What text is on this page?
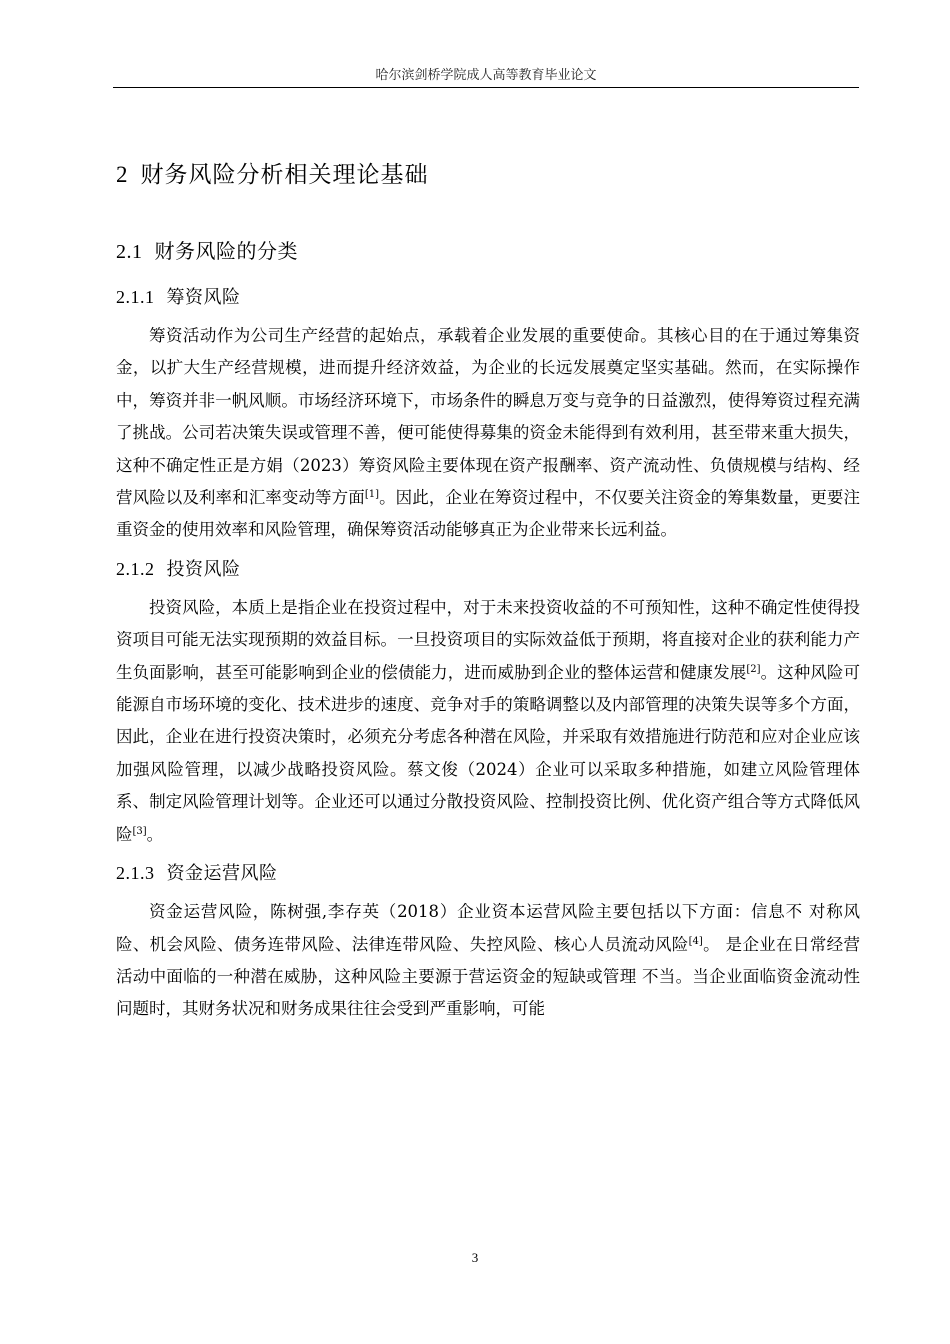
哈尔滨剑桥学院成人高等教育毕业论文
2 财务风险分析相关理论基础
2.1 财务风险的分类
2.1.1 筹资风险

筹资活动作为公司生产经营的起始点，承载着企业发展的重要使命。其核心目的在于通过筹集资金，以扩大生产经营规模，进而提升经济效益，为企业的长远发展奠定坚实基础。然而，在实际操作中，筹资并非一帆风顺。市场经济环境下，市场条件的瞬息万变与竞争的日益激烈，使得筹资过程充满了挑战。公司若决策失误或管理不善，便可能使得募集的资金未能得到有效利用，甚至带来重大损失，这种不确定性正是方娟（2023）筹资风险主要体现在资产报酬率、资产流动性、负债规模与结构、经营风险以及利率和汇率变动等方面[1]。因此，企业在筹资过程中，不仅要关注资金的筹集数量，更要注重资金的使用效率和风险管理，确保筹资活动能够真正为企业带来长远利益。

2.1.2 投资风险

投资风险，本质上是指企业在投资过程中，对于未来投资收益的不可预知性，这种不确定性使得投资项目可能无法实现预期的效益目标。一旦投资项目的实际效益低于预期，将直接对企业的获利能力产生负面影响，甚至可能影响到企业的偿债能力，进而威胁到企业的整体运营和健康发展[2]。这种风险可能源自市场环境的变化、技术进步的速度、竞争对手的策略调整以及内部管理的决策失误等多个方面，因此，企业在进行投资决策时，必须充分考虑各种潜在风险，并采取有效措施进行防范和应对企业应该加强风险管理，以减少战略投资风险。蔡文俊（2024）企业可以采取多种措施，如建立风险管理体系、制定风险管理计划等。企业还可以通过分散投资风险、控制投资比例、优化资产组合等方式降低风险[3]。

2.1.3 资金运营风险

资金运营风险，陈树强,李存英（2018）企业资本运营风险主要包括以下方面：信息不 对称风险、机会风险、债务连带风险、法律连带风险、失控风险、核心人员流动风险[4]。 是企业在日常经营活动中面临的一种潜在威胁，这种风险主要源于营运资金的短缺或管理 不当。当企业面临资金流动性问题时，其财务状况和财务成果往往会受到严重影响，可能

3
